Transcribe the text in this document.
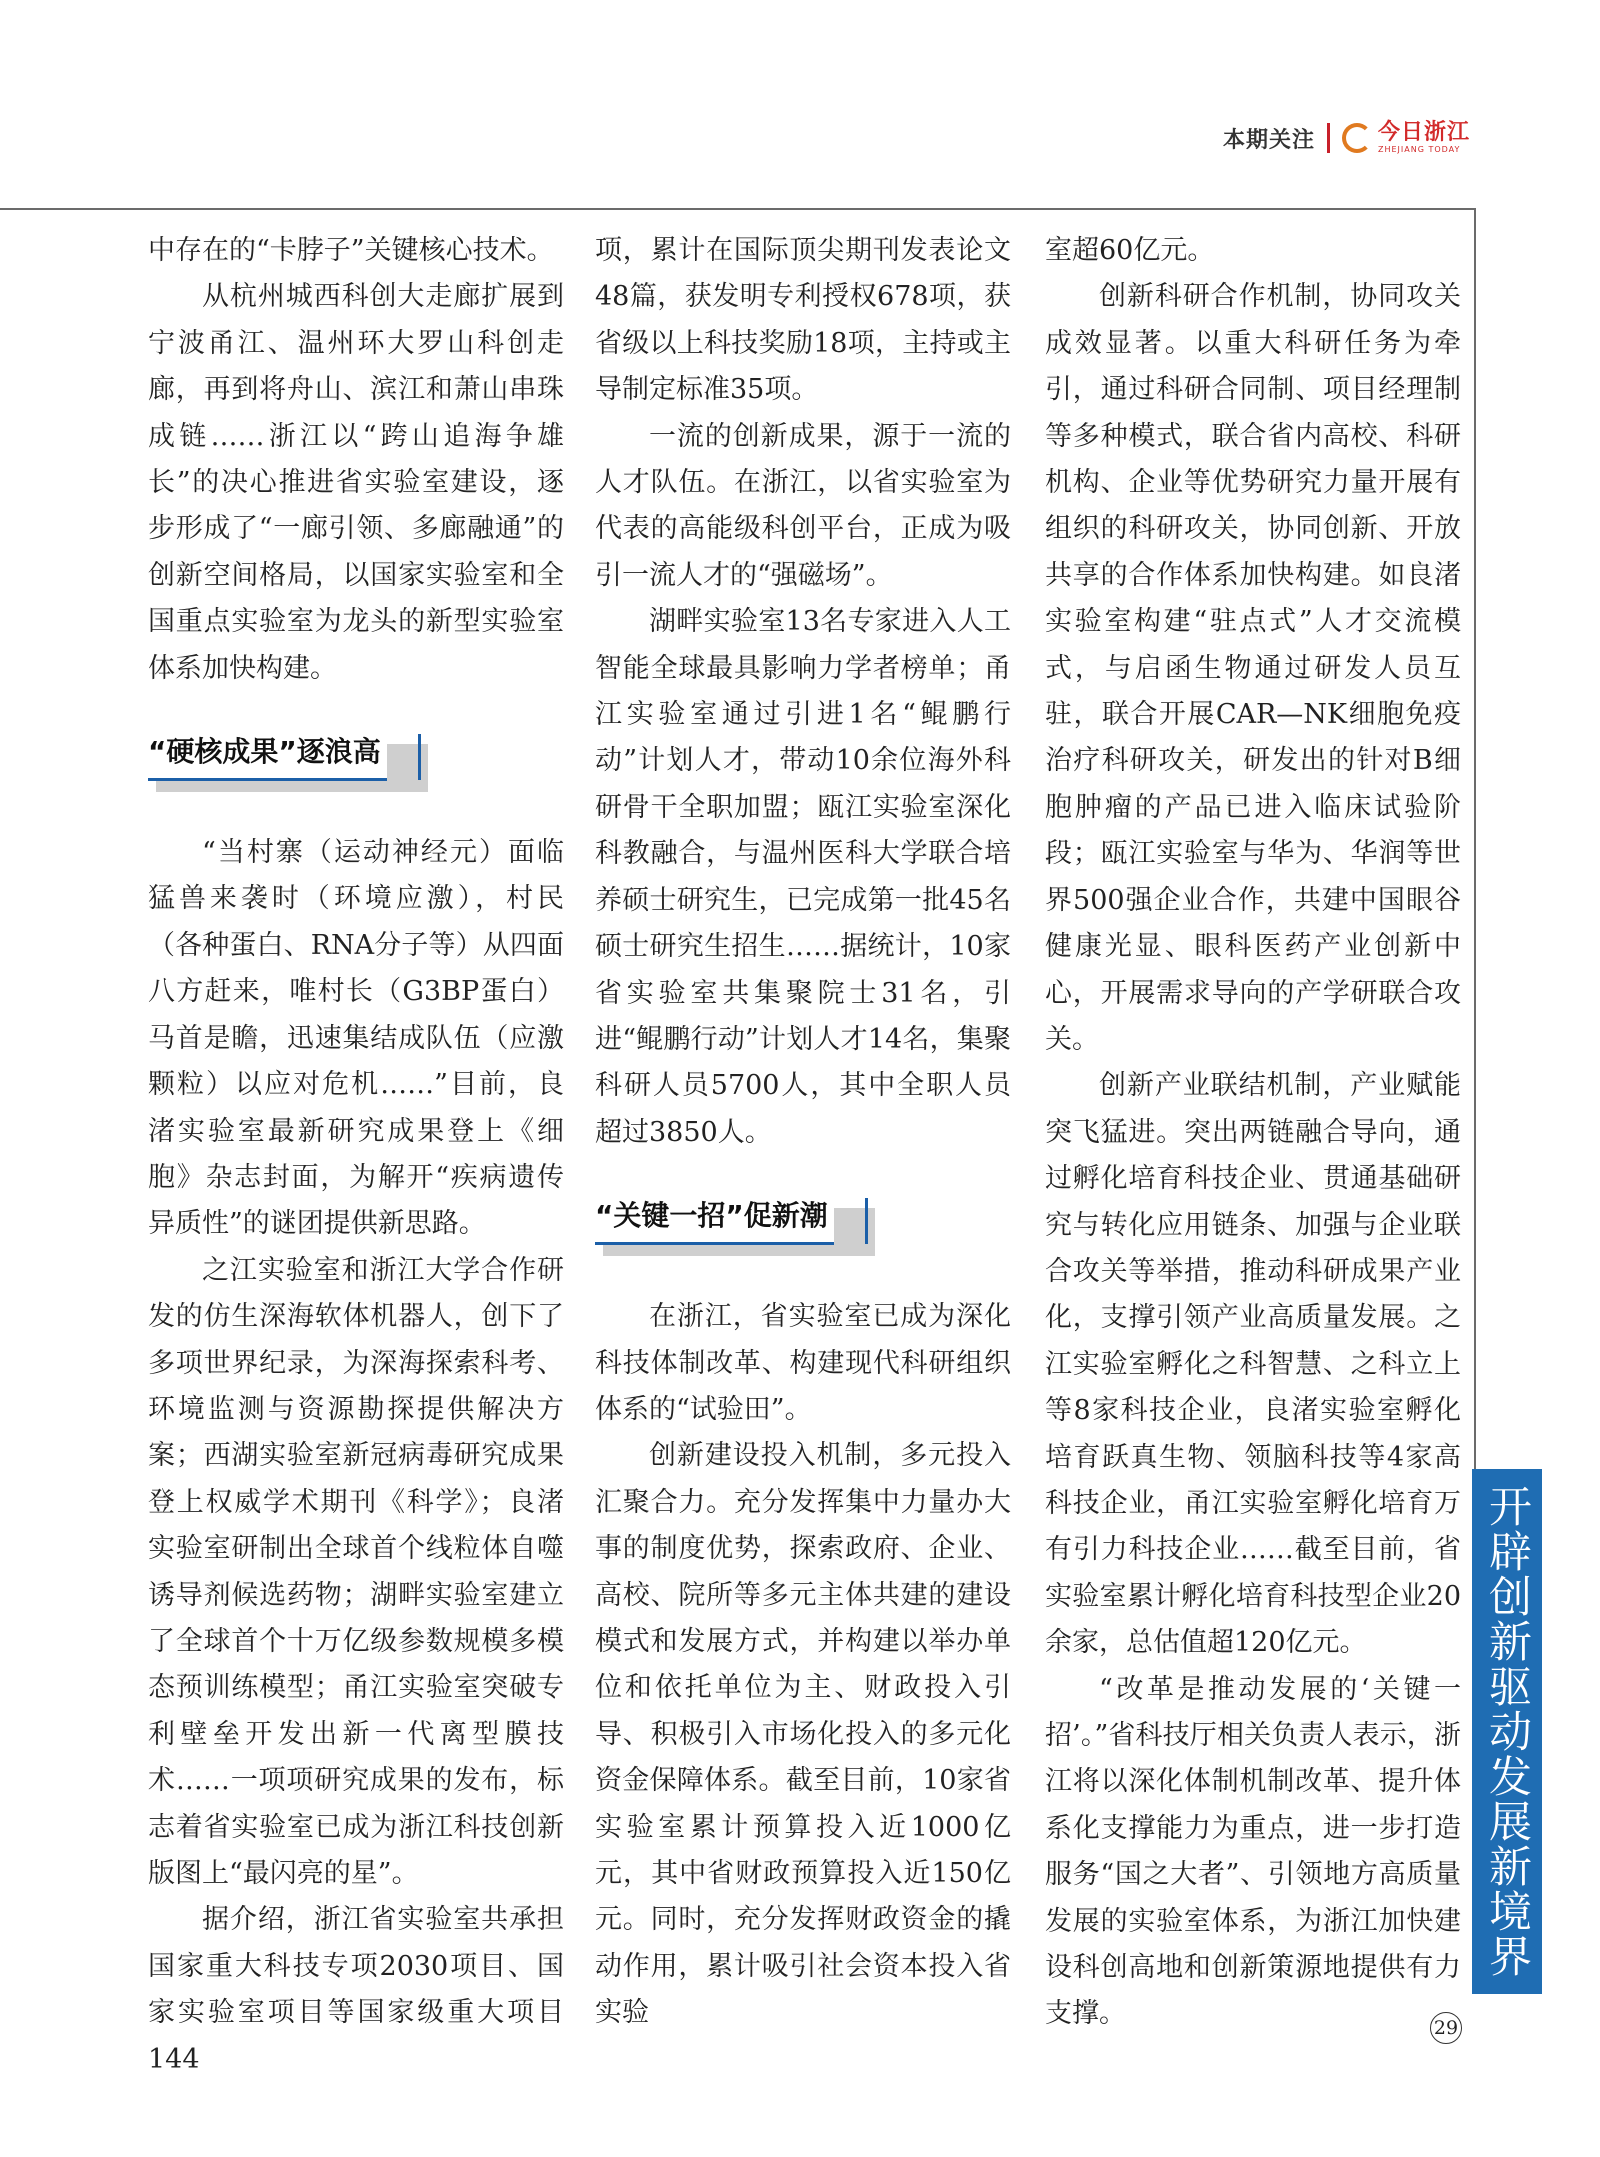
本期关注	今日浙江
ZHEJIANG TODAY

中存在的“卡脖子”关键核心技术。

从杭州城西科创大走廊扩展到宁波甬江、温州环大罗山科创走廊，再到将舟山、滨江和萧山串珠成链……浙江以“跨山追海争雄长”的决心推进省实验室建设，逐步形成了“一廊引领、多廊融通”的创新空间格局，以国家实验室和全国重点实验室为龙头的新型实验室体系加快构建。

“硬核成果”逐浪高

“当村寨（运动神经元）面临猛兽来袭时（环境应激），村民（各种蛋白、RNA分子等）从四面八方赶来，唯村长（G3BP蛋白）马首是瞻，迅速集结成队伍（应激颗粒）以应对危机……”目前，良渚实验室最新研究成果登上《细胞》杂志封面，为解开“疾病遗传异质性”的谜团提供新思路。

之江实验室和浙江大学合作研发的仿生深海软体机器人，创下了多项世界纪录，为深海探索科考、环境监测与资源勘探提供解决方案；西湖实验室新冠病毒研究成果登上权威学术期刊《科学》；良渚实验室研制出全球首个线粒体自噬诱导剂候选药物；湖畔实验室建立了全球首个十万亿级参数规模多模态预训练模型；甬江实验室突破专利壁垒开发出新一代离型膜技术……一项项研究成果的发布，标志着省实验室已成为浙江科技创新版图上“最闪亮的星”。

据介绍，浙江省实验室共承担国家重大科技专项2030项目、国家实验室项目等国家级重大项目144

项，累计在国际顶尖期刊发表论文48篇，获发明专利授权678项，获省级以上科技奖励18项，主持或主导制定标准35项。

一流的创新成果，源于一流的人才队伍。在浙江，以省实验室为代表的高能级科创平台，正成为吸引一流人才的“强磁场”。

湖畔实验室13名专家进入人工智能全球最具影响力学者榜单；甬江实验室通过引进1名“鲲鹏行动”计划人才，带动10余位海外科研骨干全职加盟；瓯江实验室深化科教融合，与温州医科大学联合培养硕士研究生，已完成第一批45名硕士研究生招生……据统计，10家省实验室共集聚院士31名，引进“鲲鹏行动”计划人才14名，集聚科研人员5700人，其中全职人员超过3850人。

“关键一招”促新潮

在浙江，省实验室已成为深化科技体制改革、构建现代科研组织体系的“试验田”。

创新建设投入机制，多元投入汇聚合力。充分发挥集中力量办大事的制度优势，探索政府、企业、高校、院所等多元主体共建的建设模式和发展方式，并构建以举办单位和依托单位为主、财政投入引导、积极引入市场化投入的多元化资金保障体系。截至目前，10家省实验室累计预算投入近1000亿元，其中省财政预算投入近150亿元。同时，充分发挥财政资金的撬动作用，累计吸引社会资本投入省实验

室超60亿元。

创新科研合作机制，协同攻关成效显著。以重大科研任务为牵引，通过科研合同制、项目经理制等多种模式，联合省内高校、科研机构、企业等优势研究力量开展有组织的科研攻关，协同创新、开放共享的合作体系加快构建。如良渚实验室构建“驻点式”人才交流模式，与启函生物通过研发人员互驻，联合开展CAR—NK细胞免疫治疗科研攻关，研发出的针对B细胞肿瘤的产品已进入临床试验阶段；瓯江实验室与华为、华润等世界500强企业合作，共建中国眼谷健康光显、眼科医药产业创新中心，开展需求导向的产学研联合攻关。

创新产业联结机制，产业赋能突飞猛进。突出两链融合导向，通过孵化培育科技企业、贯通基础研究与转化应用链条、加强与企业联合攻关等举措，推动科研成果产业化，支撑引领产业高质量发展。之江实验室孵化之科智慧、之科立上等8家科技企业，良渚实验室孵化培育跃真生物、领脑科技等4家高科技企业，甬江实验室孵化培育万有引力科技企业……截至目前，省实验室累计孵化培育科技型企业20余家，总估值超120亿元。

“改革是推动发展的‘关键一招’。”省科技厅相关负责人表示，浙江将以深化体制机制改革、提升体系化支撑能力为重点，进一步打造服务“国之大者”、引领地方高质量发展的实验室体系，为浙江加快建设科创高地和创新策源地提供有力支撑。

开辟创新驱动发展新境界
29
